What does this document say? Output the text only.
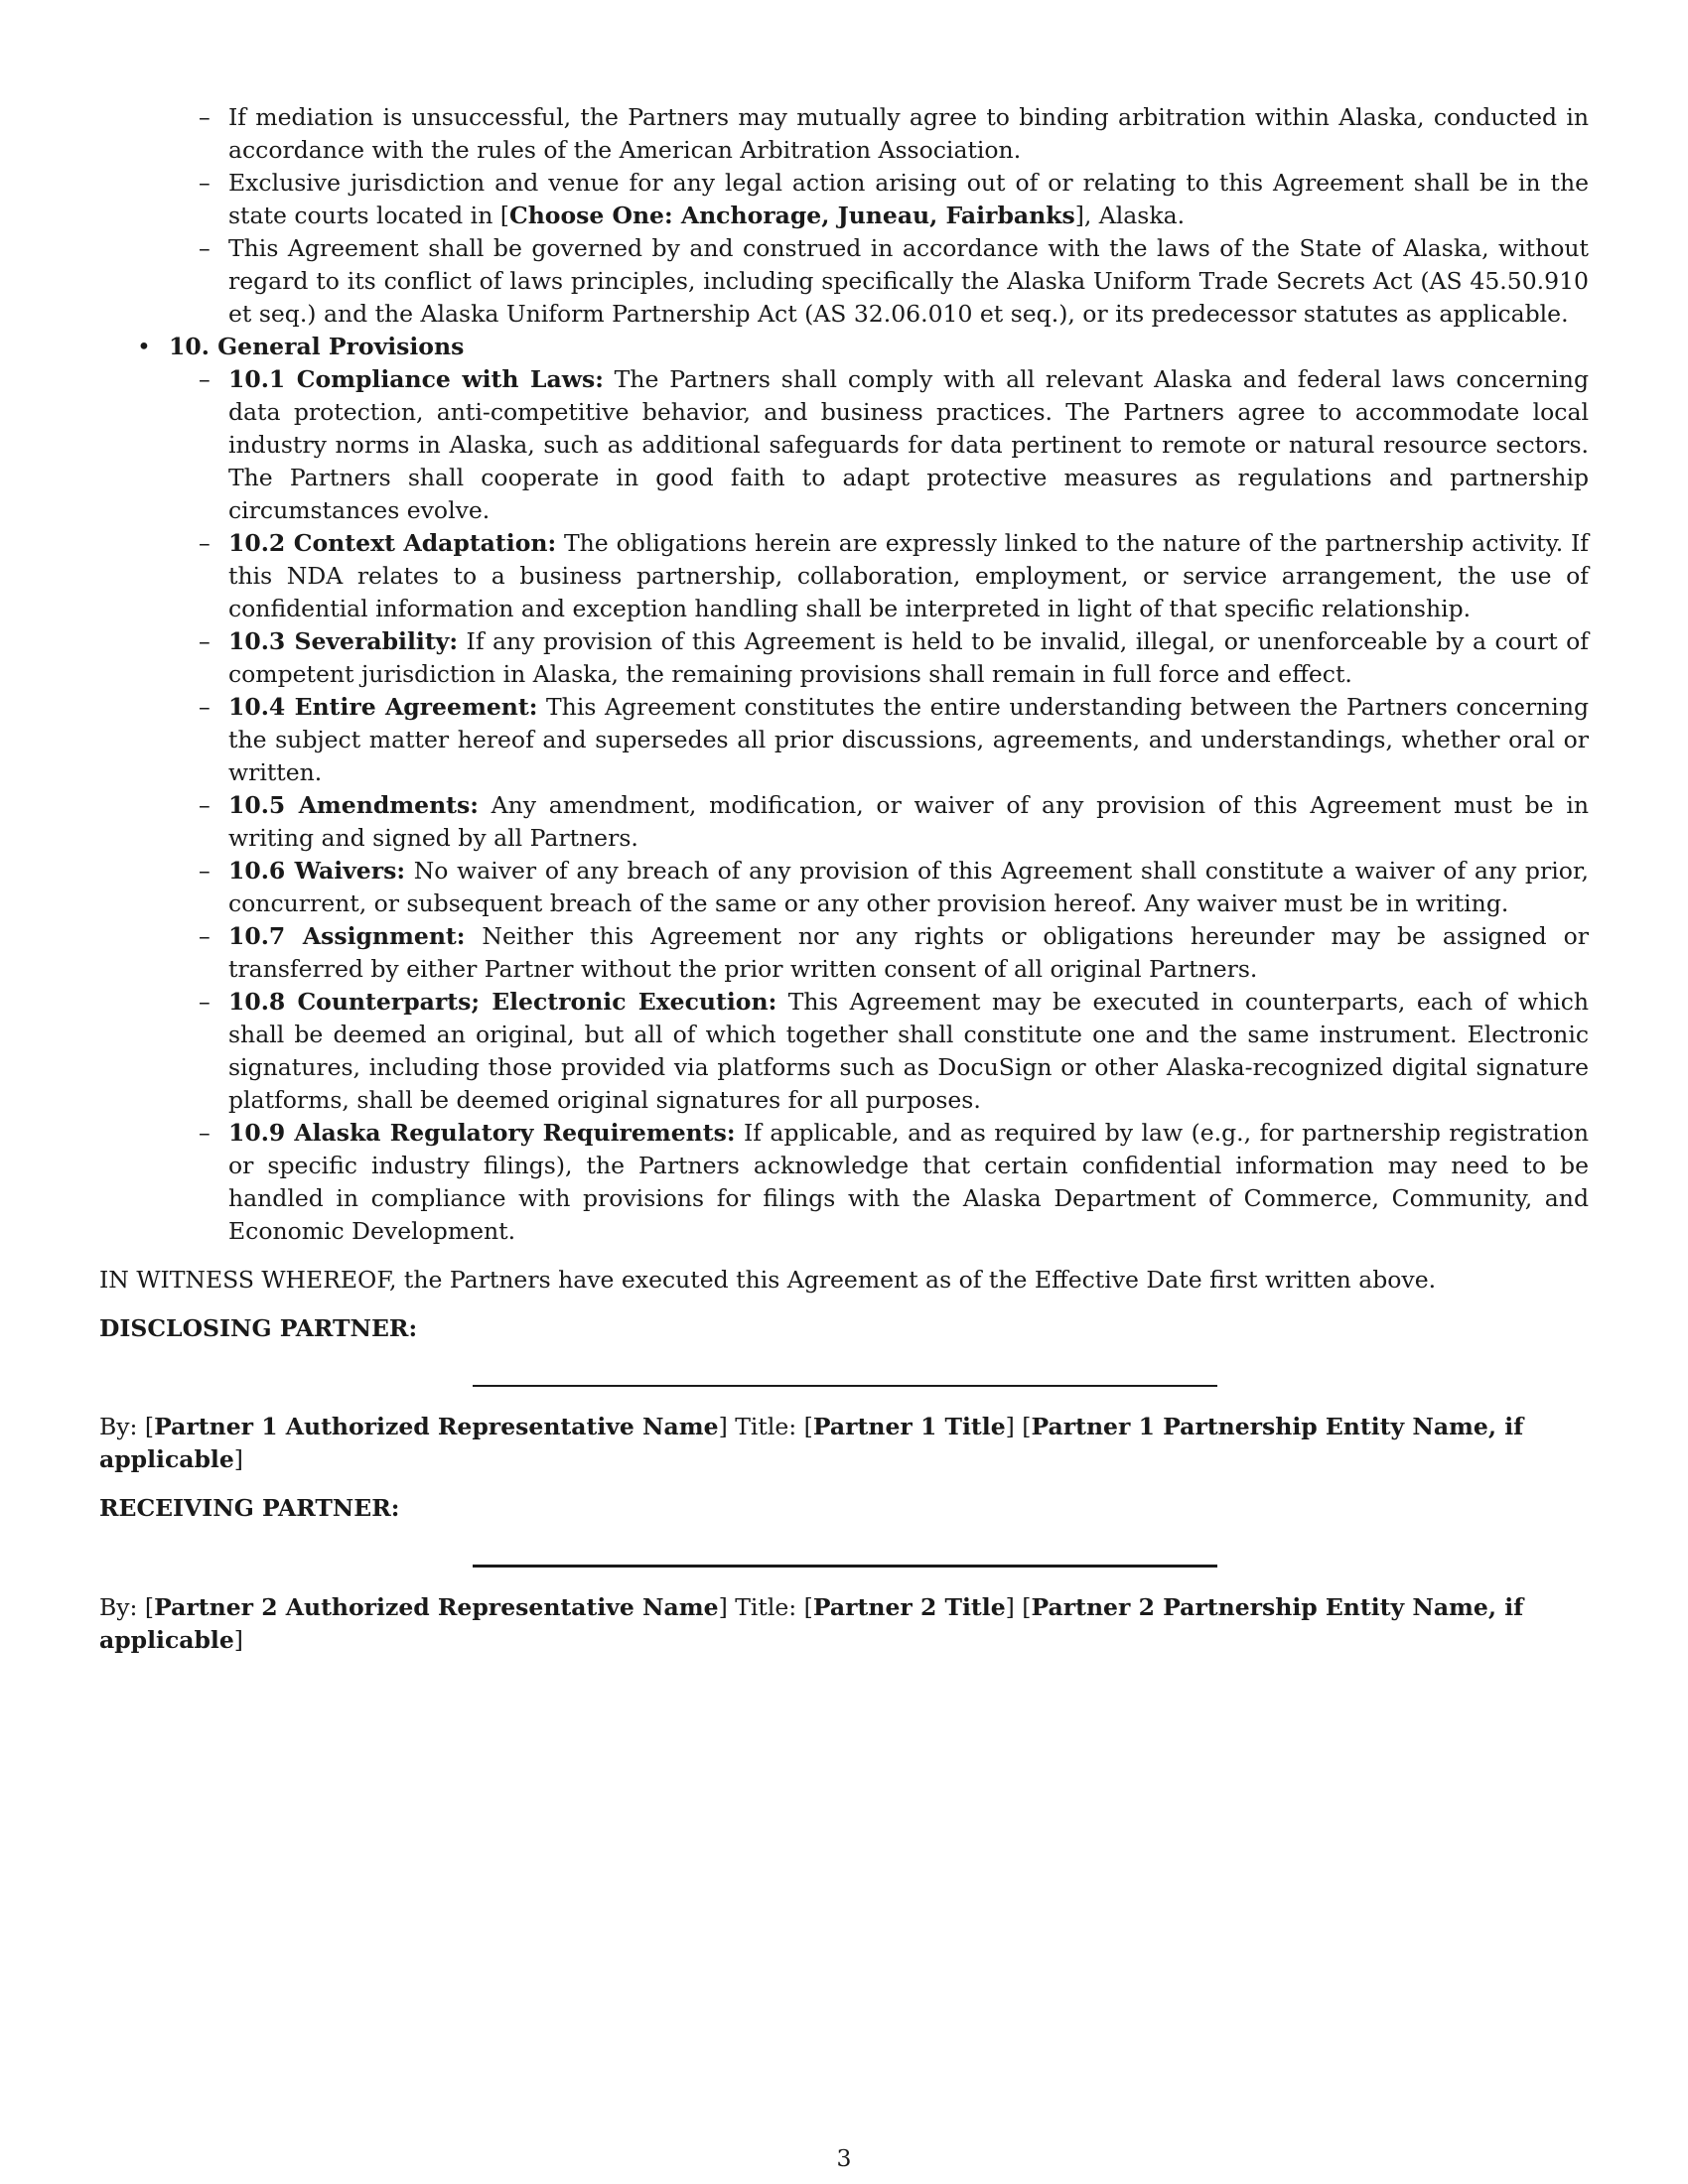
– If mediation is unsuccessful, the Partners may mutually agree to binding arbitration within Alaska, conducted in accordance with the rules of the American Arbitration Association.
– Exclusive jurisdiction and venue for any legal action arising out of or relating to this Agreement shall be in the state courts located in [Choose One: Anchorage, Juneau, Fairbanks], Alaska.
– This Agreement shall be governed by and construed in accordance with the laws of the State of Alaska, without regard to its conflict of laws principles, including specifically the Alaska Uniform Trade Secrets Act (AS 45.50.910 et seq.) and the Alaska Uniform Partnership Act (AS 32.06.010 et seq.), or its predecessor statutes as applicable.
• 10. General Provisions
– 10.1 Compliance with Laws: The Partners shall comply with all relevant Alaska and federal laws concerning data protection, anti-competitive behavior, and business practices. The Partners agree to accommodate local industry norms in Alaska, such as additional safeguards for data pertinent to remote or natural resource sectors. The Partners shall cooperate in good faith to adapt protective measures as regulations and partnership circumstances evolve.
– 10.2 Context Adaptation: The obligations herein are expressly linked to the nature of the partnership activity. If this NDA relates to a business partnership, collaboration, employment, or service arrangement, the use of confidential information and exception handling shall be interpreted in light of that specific relationship.
– 10.3 Severability: If any provision of this Agreement is held to be invalid, illegal, or unenforceable by a court of competent jurisdiction in Alaska, the remaining provisions shall remain in full force and effect.
– 10.4 Entire Agreement: This Agreement constitutes the entire understanding between the Partners concerning the subject matter hereof and supersedes all prior discussions, agreements, and understandings, whether oral or written.
– 10.5 Amendments: Any amendment, modification, or waiver of any provision of this Agreement must be in writing and signed by all Partners.
– 10.6 Waivers: No waiver of any breach of any provision of this Agreement shall constitute a waiver of any prior, concurrent, or subsequent breach of the same or any other provision hereof. Any waiver must be in writing.
– 10.7 Assignment: Neither this Agreement nor any rights or obligations hereunder may be assigned or transferred by either Partner without the prior written consent of all original Partners.
– 10.8 Counterparts; Electronic Execution: This Agreement may be executed in counterparts, each of which shall be deemed an original, but all of which together shall constitute one and the same instrument. Electronic signatures, including those provided via platforms such as DocuSign or other Alaska-recognized digital signature platforms, shall be deemed original signatures for all purposes.
– 10.9 Alaska Regulatory Requirements: If applicable, and as required by law (e.g., for partnership registration or specific industry filings), the Partners acknowledge that certain confidential information may need to be handled in compliance with provisions for filings with the Alaska Department of Commerce, Community, and Economic Development.
IN WITNESS WHEREOF, the Partners have executed this Agreement as of the Effective Date first written above.
DISCLOSING PARTNER:
By: [Partner 1 Authorized Representative Name] Title: [Partner 1 Title] [Partner 1 Partnership Entity Name, if applicable]
RECEIVING PARTNER:
By: [Partner 2 Authorized Representative Name] Title: [Partner 2 Title] [Partner 2 Partnership Entity Name, if applicable]
3
